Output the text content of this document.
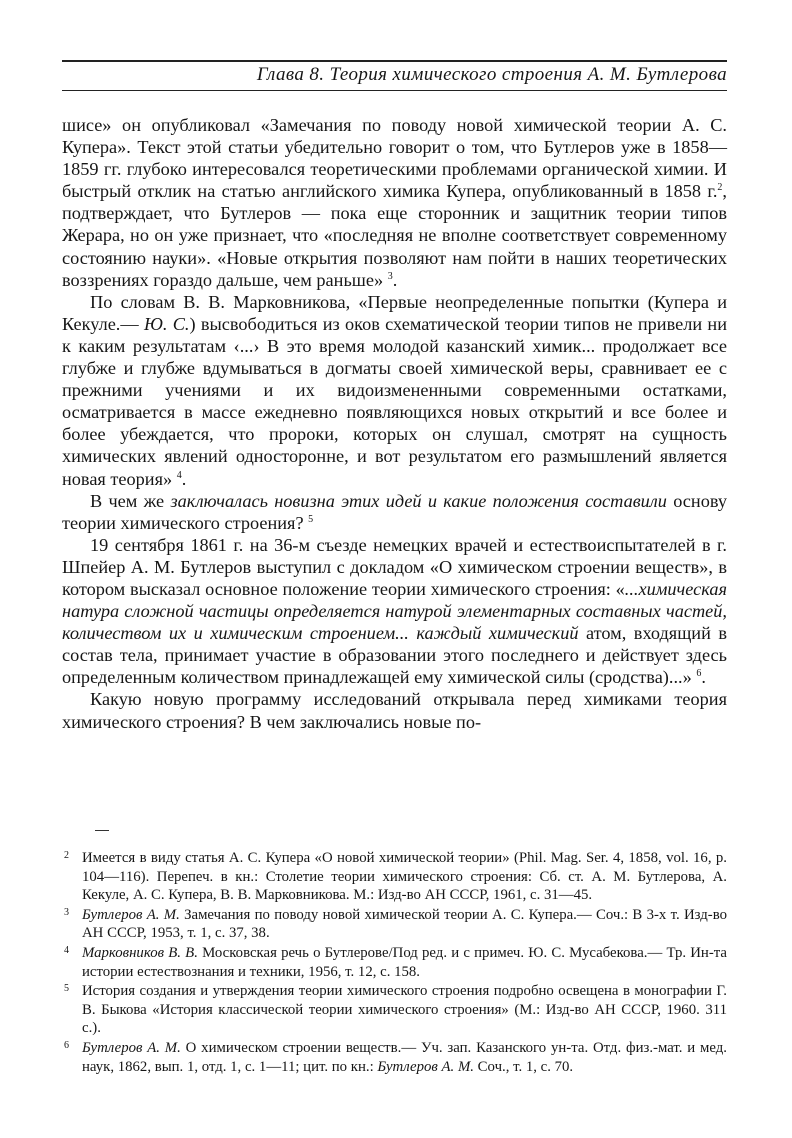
Глава 8. Теория химического строения А. М. Бутлерова

шисе» он опубликовал «Замечания по поводу новой химической теории А. С. Купера». Текст этой статьи убедительно говорит о том, что Бутлеров уже в 1858—1859 гг. глубоко интересовался теоретическими проблемами органической химии. И быстрый отклик на статью английского химика Купера, опубликованный в 1858 г.$^2$, подтверждает, что Бутлеров — пока еще сторонник и защитник теории типов Жерара, но он уже признает, что «последняя не вполне соответствует современному состоянию науки». «Новые открытия позволяют нам пойти в наших теоретических воззрениях гораздо дальше, чем раньше» $^3$.

По словам В. В. Марковникова, «Первые неопределенные попытки (Купера и Кекуле.— Ю. С.) высвободиться из оков схематической теории типов не привели ни к каким результатам ‹...› В это время молодой казанский химик... продолжает все глубже и глубже вдумываться в догматы своей химической веры, сравнивает ее с прежними учениями и их видоизмененными современными остатками, осматривается в массе ежедневно появляющихся новых открытий и все более и более убеждается, что пророки, которых он слушал, смотрят на сущность химических явлений односторонне, и вот результатом его размышлений является новая теория» $^4$.

В чем же заключалась новизна этих идей и какие положения составили основу теории химического строения? $^5$

19 сентября 1861 г. на 36-м съезде немецких врачей и естествоиспытателей в г. Шпейер А. М. Бутлеров выступил с докладом «О химическом строении веществ», в котором высказал основное положение теории химического строения: «...химическая натура сложной частицы определяется натурой элементарных составных частей, количеством их и химическим строением... каждый химический атом, входящий в состав тела, принимает участие в образовании этого последнего и действует здесь определенным количеством принадлежащей ему химической силы (сродства)...» $^6$.

Какую новую программу исследований открывала перед химиками теория химического строения? В чем заключались новые по-

2 Имеется в виду статья А. С. Купера «О новой химической теории» (Phil. Mag. Ser. 4, 1858, vol. 16, p. 104—116). Перепеч. в кн.: Столетие теории химического строения: Сб. ст. А. М. Бутлерова, А. Кекуле, А. С. Купера, В. В. Марковникова. М.: Изд-во АН СССР, 1961, с. 31—45.
3 Бутлеров А. М. Замечания по поводу новой химической теории А. С. Купера.— Соч.: В 3-х т. Изд-во АН СССР, 1953, т. 1, с. 37, 38.
4 Марковников В. В. Московская речь о Бутлерове/Под ред. и с примеч. Ю. С. Мусабекова.— Тр. Ин-та истории естествознания и техники, 1956, т. 12, с. 158.
5 История создания и утверждения теории химического строения подробно освещена в монографии Г. В. Быкова «История классической теории химического строения» (М.: Изд-во АН СССР, 1960. 311 с.).
6 Бутлеров А. М. О химическом строении веществ.— Уч. зап. Казанского ун-та. Отд. физ.-мат. и мед. наук, 1862, вып. 1, отд. 1, с. 1—11; цит. по кн.: Бутлеров А. М. Соч., т. 1, с. 70.
